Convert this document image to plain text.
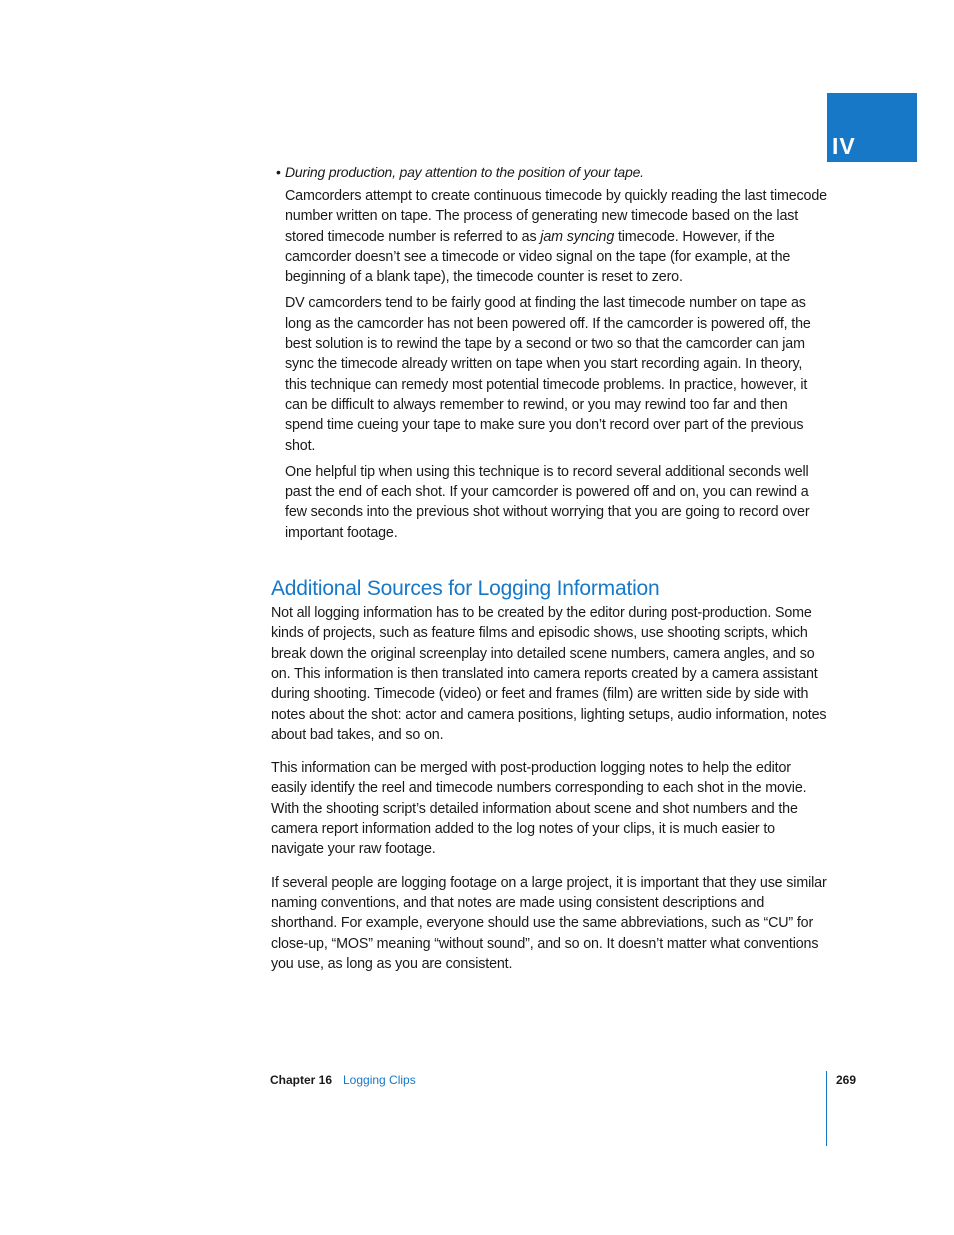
IV
• During production, pay attention to the position of your tape.

Camcorders attempt to create continuous timecode by quickly reading the last timecode number written on tape. The process of generating new timecode based on the last stored timecode number is referred to as jam syncing timecode. However, if the camcorder doesn’t see a timecode or video signal on the tape (for example, at the beginning of a blank tape), the timecode counter is reset to zero.

DV camcorders tend to be fairly good at finding the last timecode number on tape as long as the camcorder has not been powered off. If the camcorder is powered off, the best solution is to rewind the tape by a second or two so that the camcorder can jam sync the timecode already written on tape when you start recording again. In theory, this technique can remedy most potential timecode problems. In practice, however, it can be difficult to always remember to rewind, or you may rewind too far and then spend time cueing your tape to make sure you don’t record over part of the previous shot.

One helpful tip when using this technique is to record several additional seconds well past the end of each shot. If your camcorder is powered off and on, you can rewind a few seconds into the previous shot without worrying that you are going to record over important footage.

Additional Sources for Logging Information

Not all logging information has to be created by the editor during post-production. Some kinds of projects, such as feature films and episodic shows, use shooting scripts, which break down the original screenplay into detailed scene numbers, camera angles, and so on. This information is then translated into camera reports created by a camera assistant during shooting. Timecode (video) or feet and frames (film) are written side by side with notes about the shot: actor and camera positions, lighting setups, audio information, notes about bad takes, and so on.

This information can be merged with post-production logging notes to help the editor easily identify the reel and timecode numbers corresponding to each shot in the movie. With the shooting script’s detailed information about scene and shot numbers and the camera report information added to the log notes of your clips, it is much easier to navigate your raw footage.

If several people are logging footage on a large project, it is important that they use similar naming conventions, and that notes are made using consistent descriptions and shorthand. For example, everyone should use the same abbreviations, such as “CU” for close-up, “MOS” meaning “without sound”, and so on. It doesn’t matter what conventions you use, as long as you are consistent.

Chapter 16 Logging Clips	269
